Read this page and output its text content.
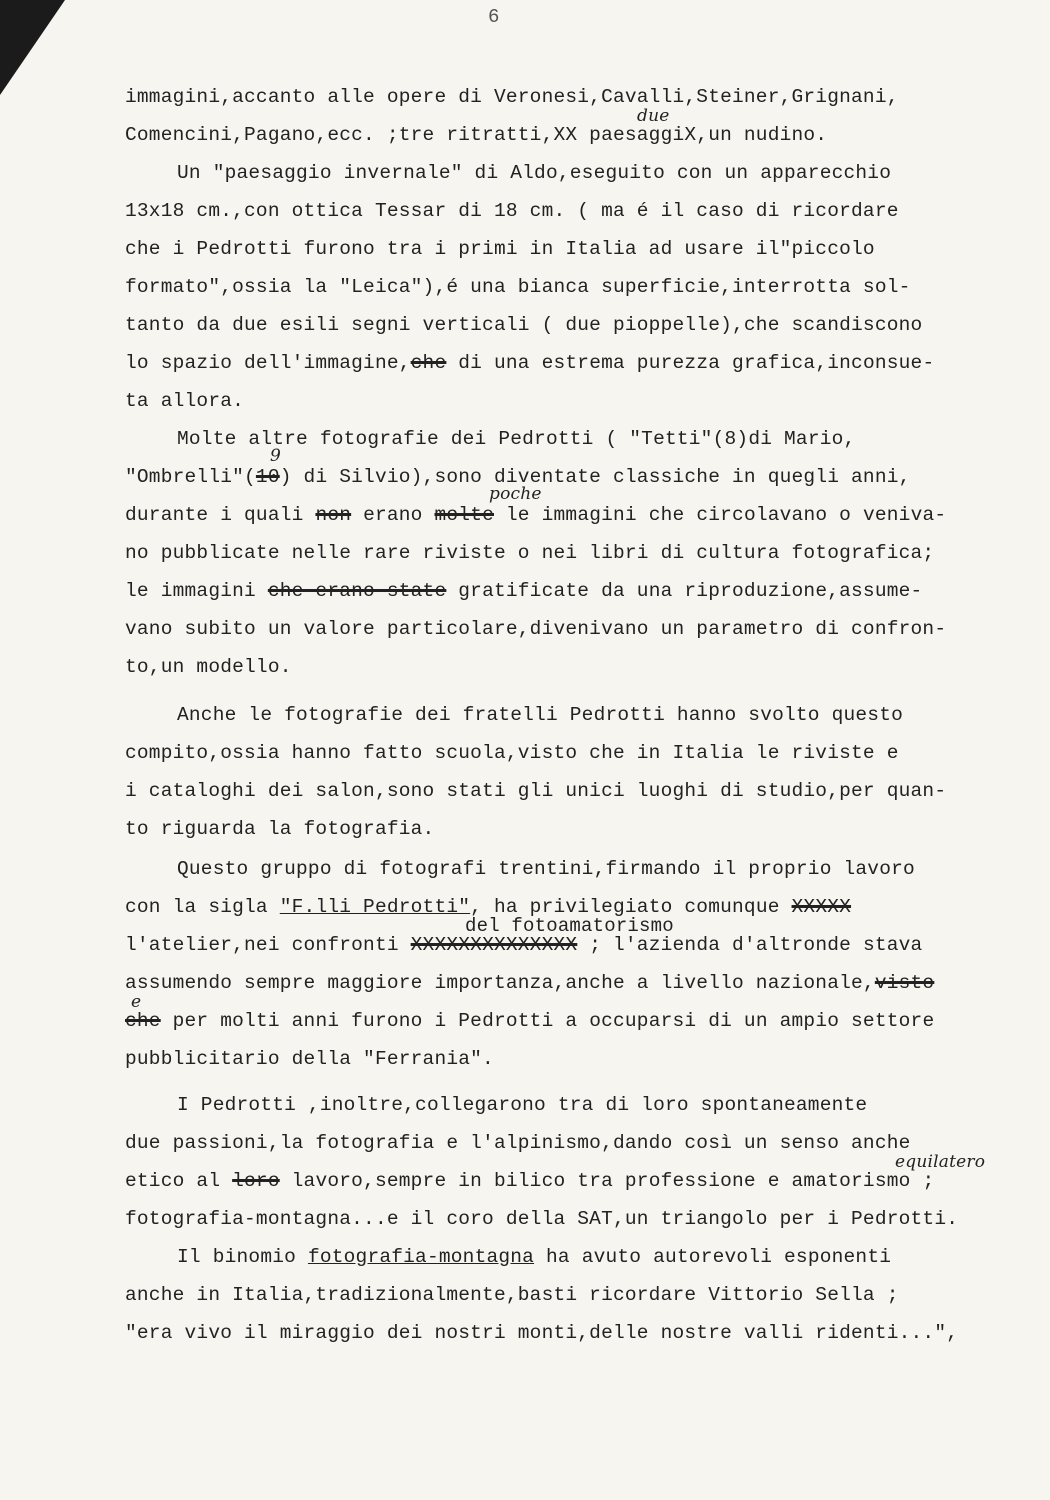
6
immagini,accanto alle opere di Veronesi,Cavalli,Steiner,Grignani,
Comencini,Pagano,ecc. ;tre ritratti,XX paesaggiX,un nudino.
due
Un "paesaggio invernale" di Aldo,eseguito con un apparecchio
13x18 cm.,con ottica Tessar di 18 cm. ( ma é il caso di ricordare
che i Pedrotti furono tra i primi in Italia ad usare il"piccolo
formato",ossia la "Leica"),é una bianca superficie,interrotta sol-
tanto da due esili segni verticali ( due pioppelle),che scandiscono
lo spazio dell'immagine,che di una estrema purezza grafica,inconsue-
ta allora.
Molte altre fotografie dei Pedrotti ( "Tetti"(8)di Mario,
"Ombrelli"(10) di Silvio),sono diventate classiche in quegli anni,
9
durante i quali non erano molte le immagini che circolavano o veniva-
poche
no pubblicate nelle rare riviste o nei libri di cultura fotografica;
le immagini che erano state gratificate da una riproduzione,assume-
vano subito un valore particolare,divenivano un parametro di confron-
to,un modello.
Anche le fotografie dei fratelli Pedrotti hanno svolto questo
compito,ossia hanno fatto scuola,visto che in Italia le riviste e
i cataloghi dei salon,sono stati gli unici luoghi di studio,per quan-
to riguarda la fotografia.
Questo gruppo di fotografi trentini,firmando il proprio lavoro
con la sigla "F.lli Pedrotti", ha privilegiato comunque XXXXX
del fotoamatorismo
l'atelier,nei confronti XXXXXXXXXXXXXX ; l'azienda d'altronde stava
assumendo sempre maggiore importanza,anche a livello nazionale,visto
e
che per molti anni furono i Pedrotti a occuparsi di un ampio settore
pubblicitario della "Ferrania".
I Pedrotti ,inoltre,collegarono tra di loro spontaneamente
due passioni,la fotografia e l'alpinismo,dando così un senso anche
etico al loro lavoro,sempre in bilico tra professione e amatorismo ;
equilatero
fotografia-montagna...e il coro della SAT,un triangolo per i Pedrotti.
Il binomio fotografia-montagna ha avuto autorevoli esponenti
anche in Italia,tradizionalmente,basti ricordare Vittorio Sella ;
"era vivo il miraggio dei nostri monti,delle nostre valli ridenti...",
